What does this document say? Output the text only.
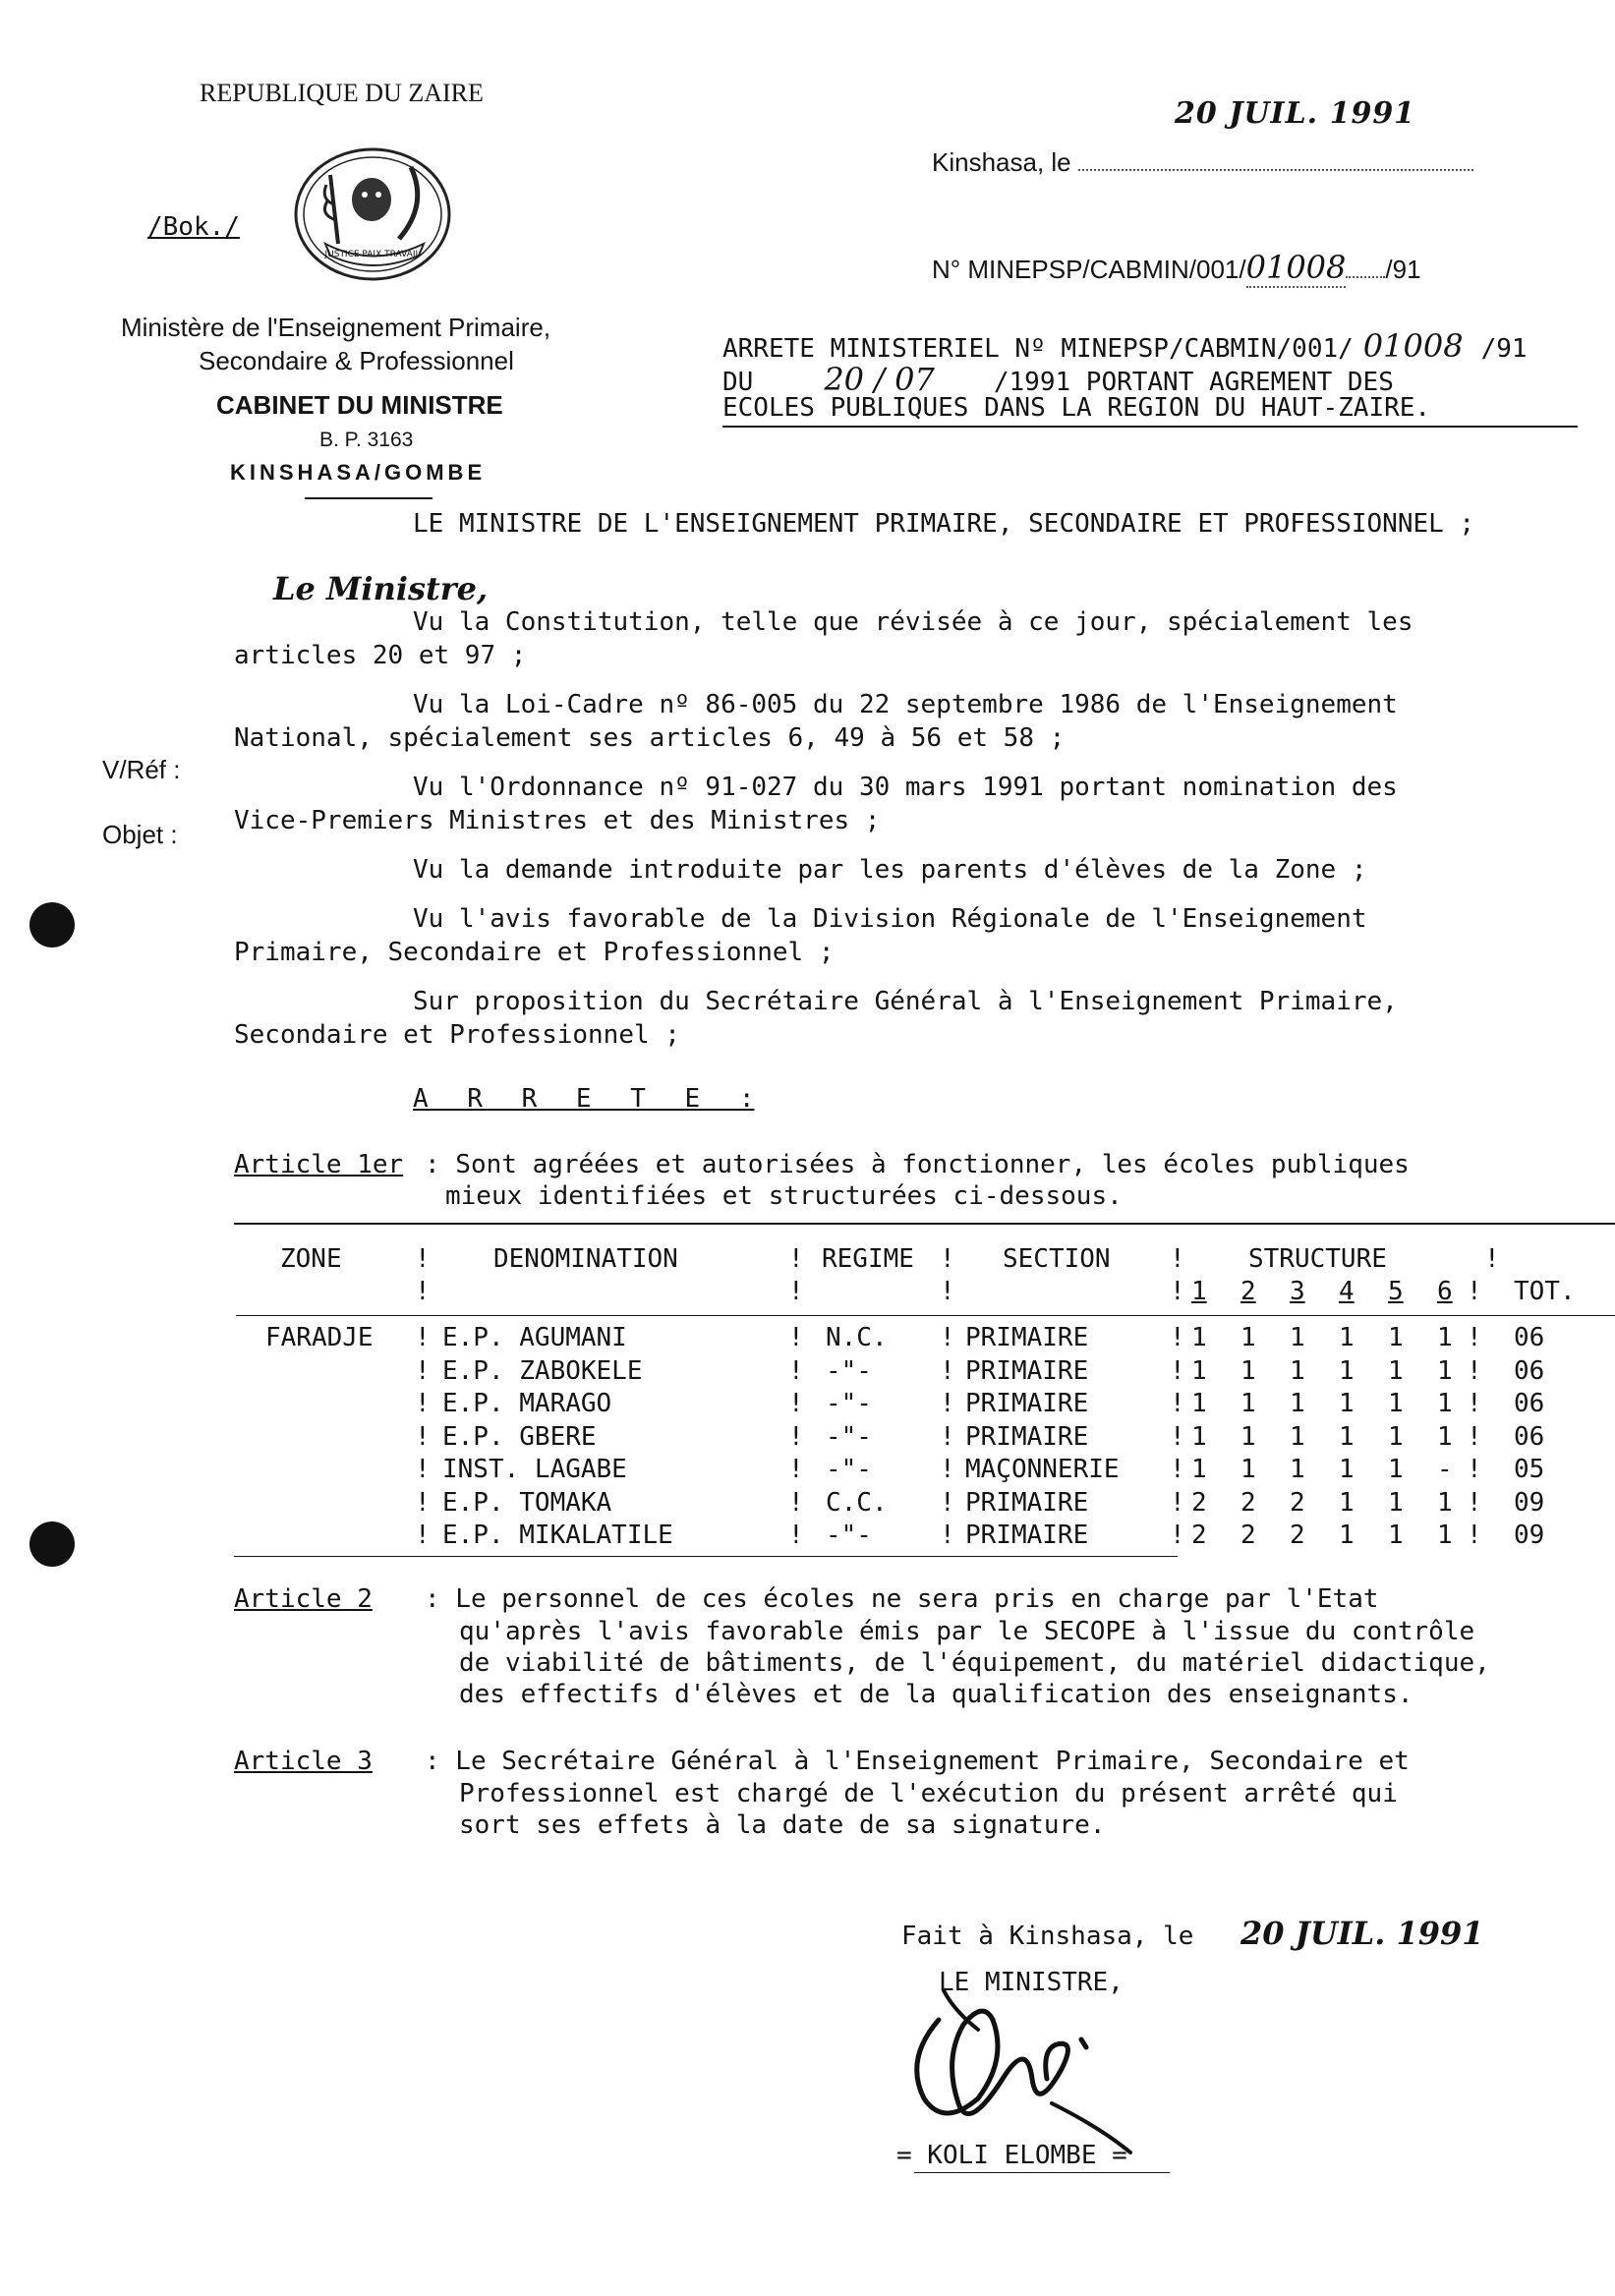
REPUBLIQUE DU ZAIRE
/Bok./
JUSTICE PAIX TRAVAIL
Ministère de l'Enseignement Primaire,
Secondaire & Professionnel
CABINET DU MINISTRE
B. P. 3163
KINSHASA/GOMBE
20 JUIL. 1991
Kinshasa, le
N° MINEPSP/CABMIN/001/01008 /91
ARRETE MINISTERIEL Nº MINEPSP/CABMIN/001/ 01008 /91
DU 20 / 07 /1991 PORTANT AGREMENT DES
ECOLES PUBLIQUES DANS LA REGION DU HAUT-ZAIRE.
V/Réf :
Objet :
LE MINISTRE DE L'ENSEIGNEMENT PRIMAIRE, SECONDAIRE ET PROFESSIONNEL ;
Le Ministre,
Vu la Constitution, telle que révisée à ce jour, spécialement les
articles 20 et 97 ;
Vu la Loi-Cadre nº 86-005 du 22 septembre 1986 de l'Enseignement
National, spécialement ses articles 6, 49 à 56 et 58 ;
Vu l'Ordonnance nº 91-027 du 30 mars 1991 portant nomination des
Vice-Premiers Ministres et des Ministres ;
Vu la demande introduite par les parents d'élèves de la Zone ;
Vu l'avis favorable de la Division Régionale de l'Enseignement
Primaire, Secondaire et Professionnel ;
Sur proposition du Secrétaire Général à l'Enseignement Primaire,
Secondaire et Professionnel ;
A R R E T E :
Article 1er : Sont agréées et autorisées à fonctionner, les écoles publiques
mieux identifiées et structurées ci-dessous.
ZONE	! DENOMINATION	! REGIME ! SECTION ! STRUCTURE	!
!	!	!	! 1 2 3 4 5 6 ! TOT.
FARADJE ! E.P. AGUMANI	! N.C. ! PRIMAIRE	! 1 1 1 1 1 1 ! 06
! E.P. ZABOKELE	! -"-	! PRIMAIRE	! 1 1 1 1 1 1 ! 06
! E.P. MARAGO	! -"-	! PRIMAIRE	! 1 1 1 1 1 1 ! 06
! E.P. GBERE	! -"-	! PRIMAIRE	! 1 1 1 1 1 1 ! 06
! INST. LAGABE	! -"-	! MAÇONNERIE ! 1 1 1 1 1 - ! 05
! E.P. TOMAKA	! C.C. ! PRIMAIRE	! 2 2 2 1 1 1 ! 09
! E.P. MIKALATILE	! -"-	! PRIMAIRE	! 2 2 2 1 1 1 ! 09
Article 2 : Le personnel de ces écoles ne sera pris en charge par l'Etat
qu'après l'avis favorable émis par le SECOPE à l'issue du contrôle
de viabilité de bâtiments, de l'équipement, du matériel didactique,
des effectifs d'élèves et de la qualification des enseignants.
Article 3 : Le Secrétaire Général à l'Enseignement Primaire, Secondaire et
Professionnel est chargé de l'exécution du présent arrêté qui
sort ses effets à la date de sa signature.
Fait à Kinshasa, le 20 JUIL. 1991
LE MINISTRE,
= KOLI ELOMBE =
